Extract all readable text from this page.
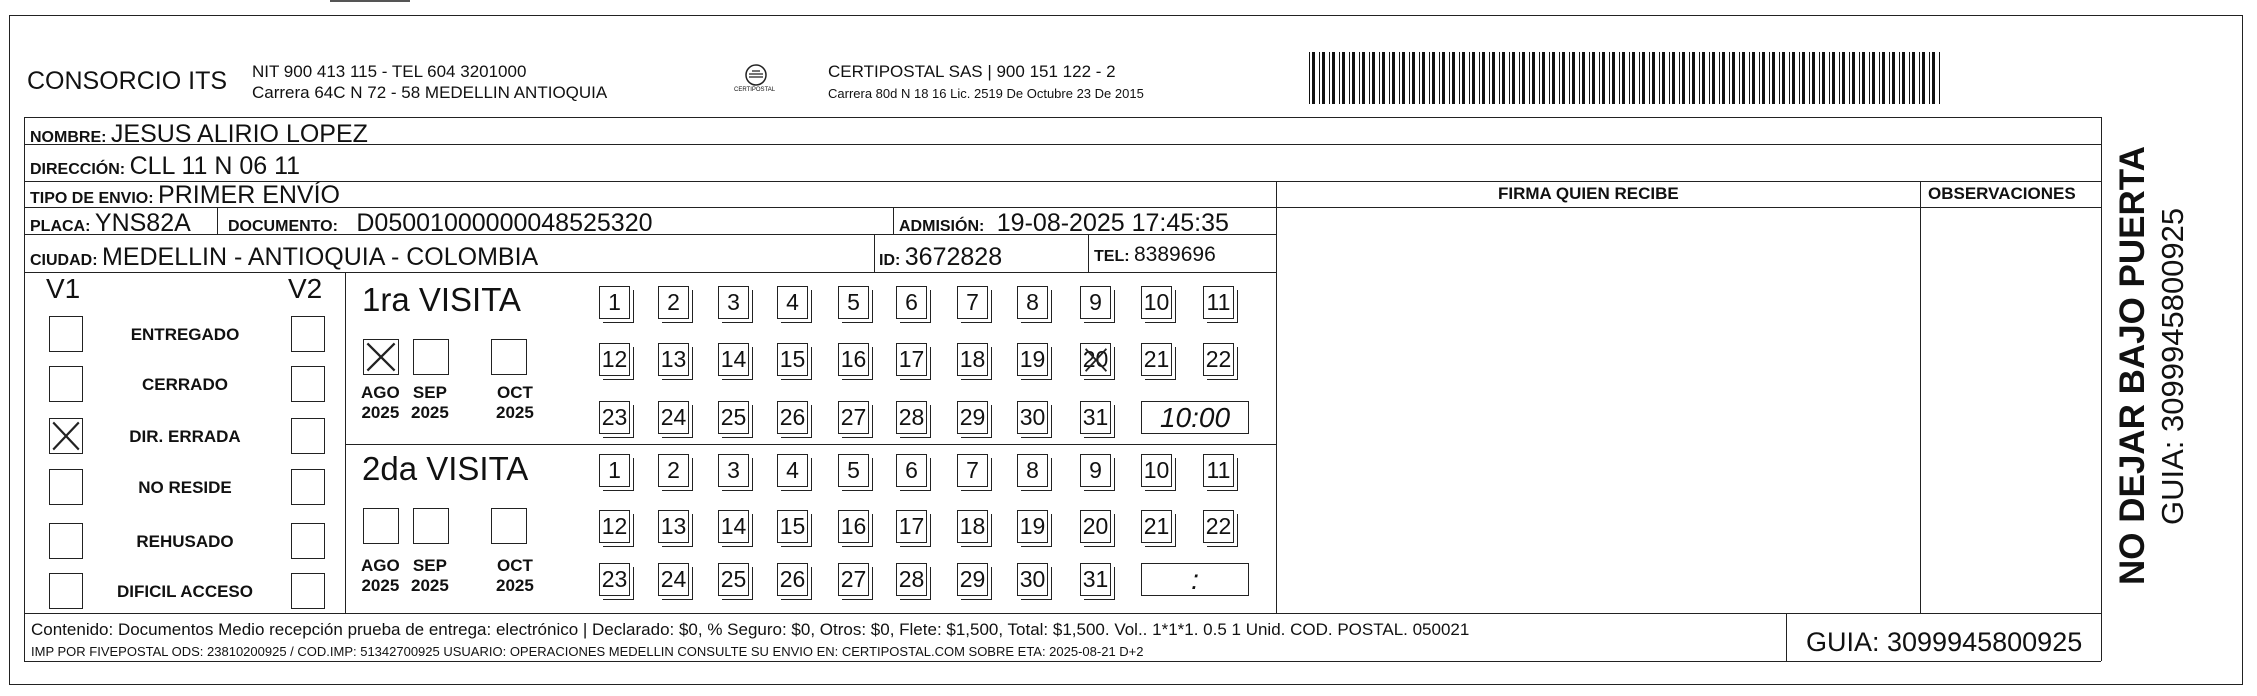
CONSORCIO ITS NIT 900 413 115 - TEL 604 3201000
Carrera 64C N 72 - 58 MEDELLIN ANTIOQUIA	CERTIPOSTAL
CERTIPOSTAL SAS | 900 151 122 - 2
Carrera 80d N 18 16 Lic. 2519 De Octubre 23 De 2015
NOMBRE: JESUS ALIRIO LOPEZ
DIRECCIÓN: CLL 11 N 06 11
TIPO DE ENVIO: PRIMER ENVÍO	FIRMA QUIEN RECIBE	OBSERVACIONES
PLACA: YNS82A DOCUMENTO: D05001000000048525320	ADMISIÓN: 19-08-2025 17:45:35
CIUDAD: MEDELLIN - ANTIOQUIA - COLOMBIA	ID: 3672828	TEL: 8389696
V1	V2
ENTREGADO
CERRADO
DIR. ERRADA
NO RESIDE
REHUSADO
DIFICIL ACCESO
1ra VISITA
2da VISITA
AGO
2025
SEP
2025
OCT
2025
1	2	3	4	5	6	7	8	9	10 11
12 13 14 15 16 17 18 19 20 21 22
23 24 25 26 27 28 29 30 31	10:00
AGO
2025
SEP
2025
OCT
2025
1	2	3	4	5	6	7	8	9	10 11
12 13 14 15 16 17 18 19 20 21 22
23 24 25 26 27 28 29 30 31	:
Contenido: Documentos Medio recepción prueba de entrega: electrónico | Declarado: $0, % Seguro: $0, Otros: $0, Flete: $1,500, Total: $1,500. Vol.. 1*1*1. 0.5 1 Unid. COD. POSTAL. 050021
IMP POR FIVEPOSTAL ODS: 23810200925 / COD.IMP: 51342700925 USUARIO: OPERACIONES MEDELLIN CONSULTE SU ENVIO EN: CERTIPOSTAL.COM SOBRE ETA: 2025-08-21 D+2	GUIA: 3099945800925
NO DEJAR BAJO PUERTA GUIA: 3099945800925
